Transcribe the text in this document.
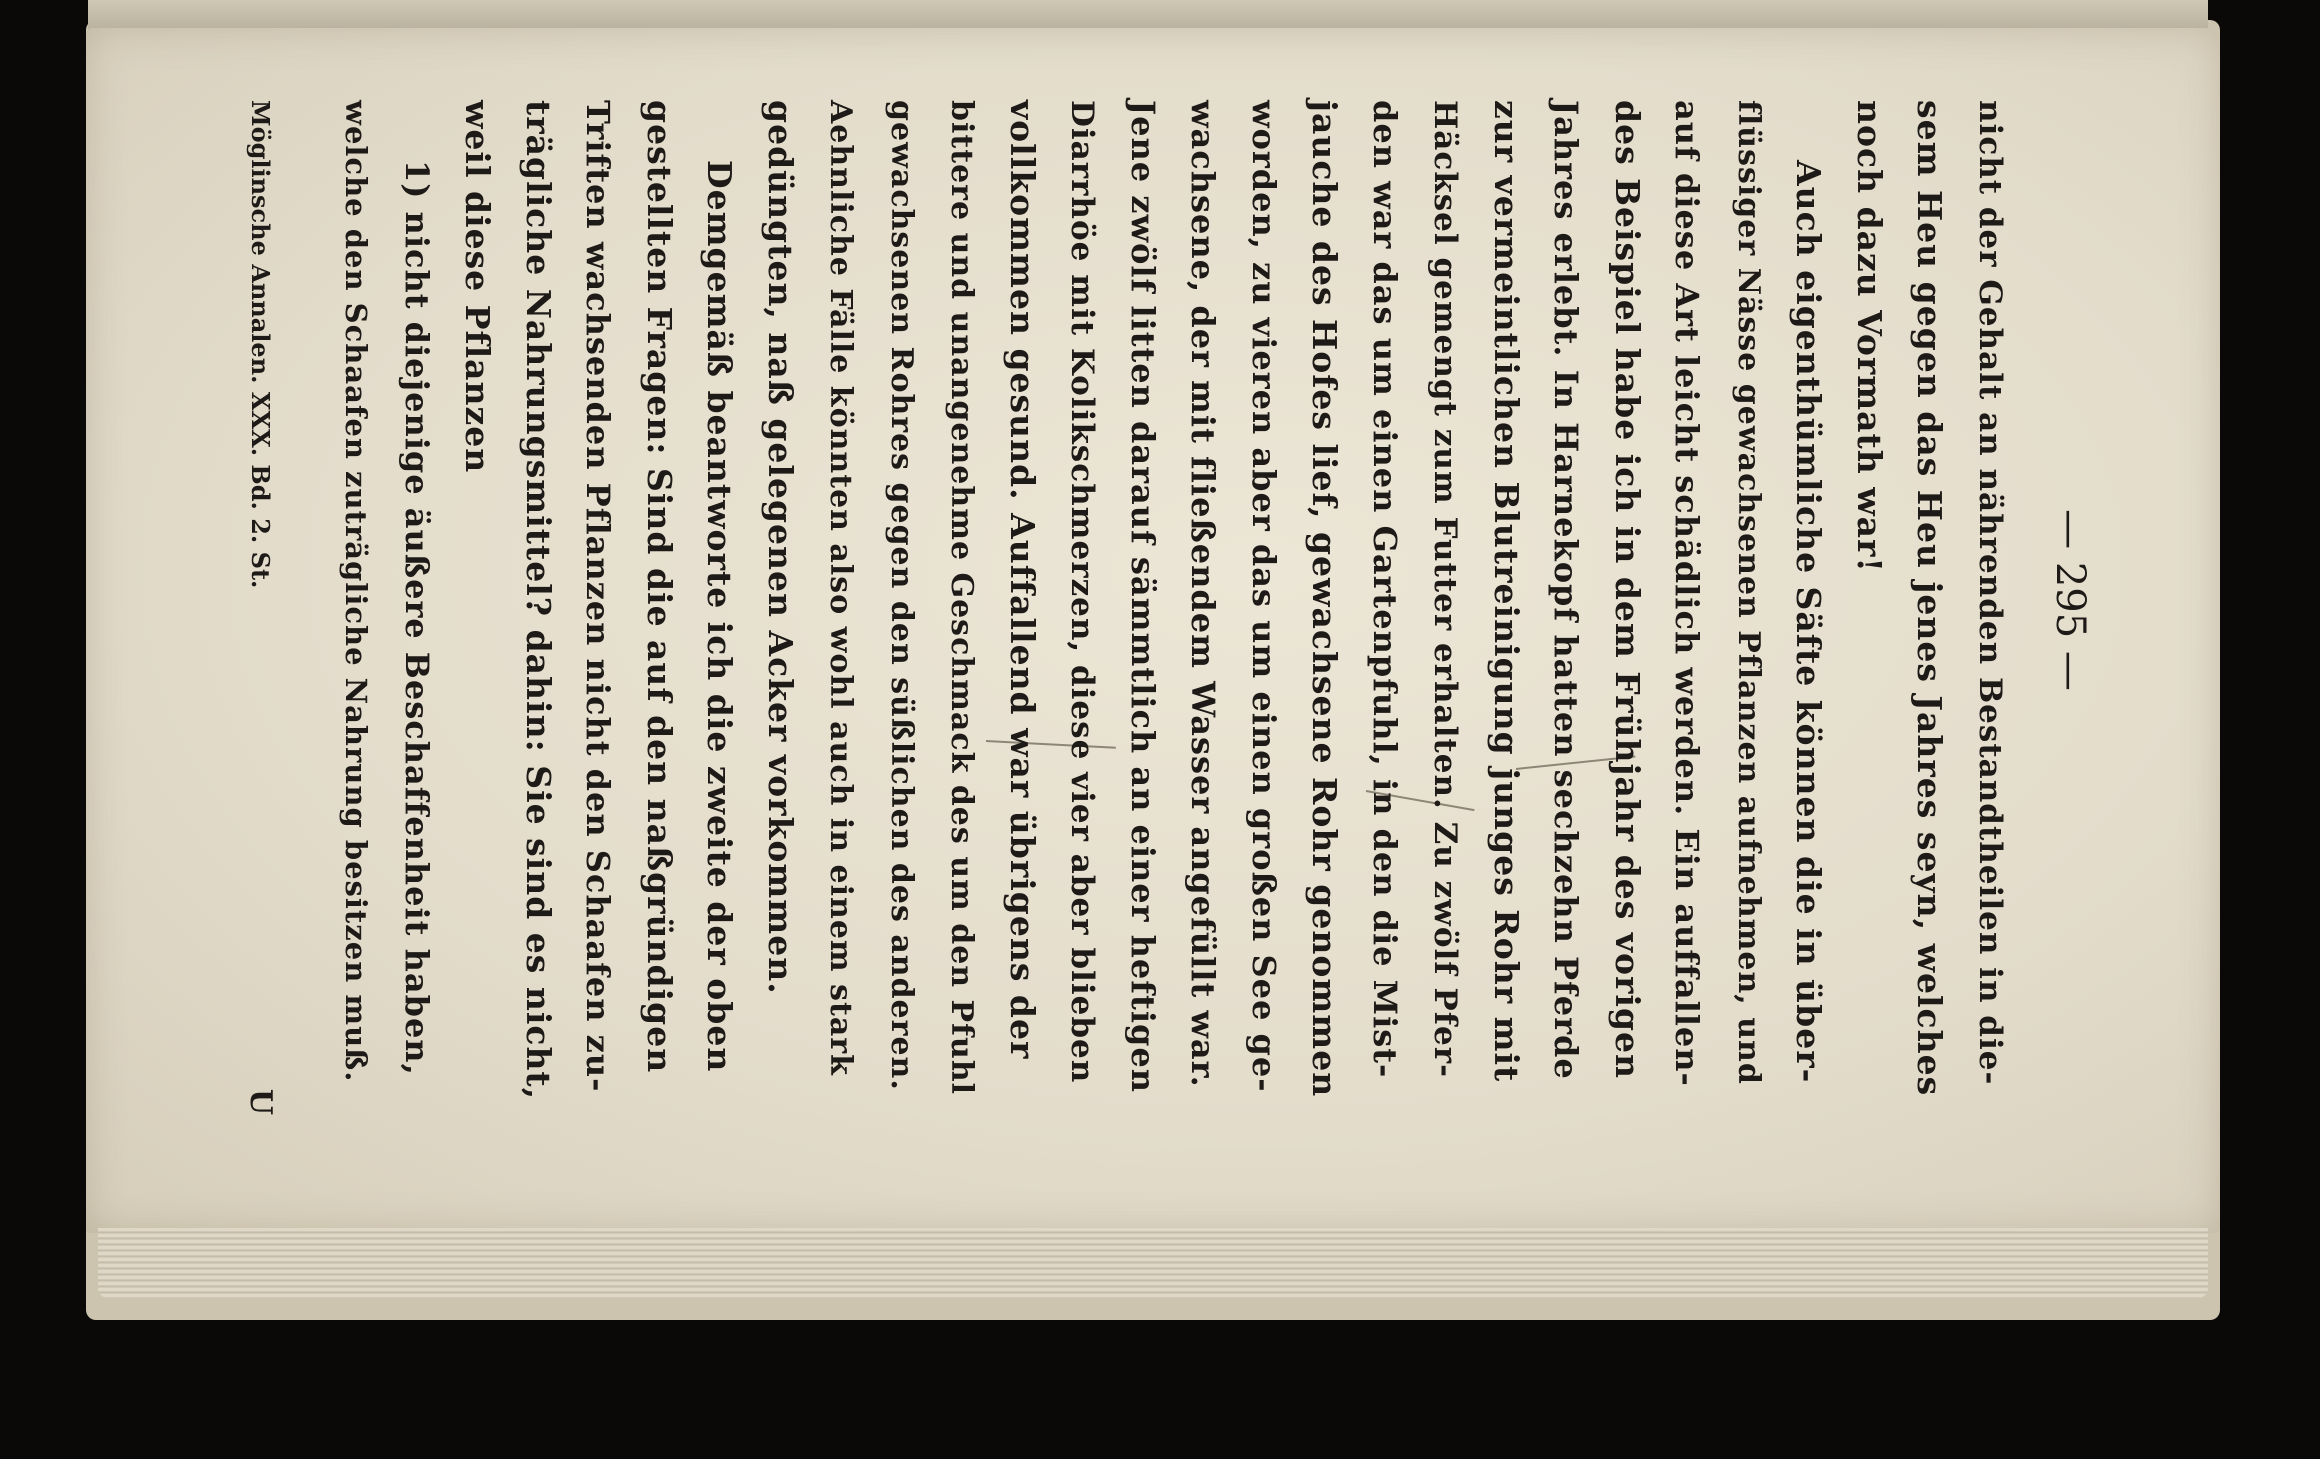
— 295 —
nicht der Gehalt an nährenden Bestandtheilen in die-
sem Heu gegen das Heu jenes Jahres seyn, welches
noch dazu Vormath war!
Auch eigenthümliche Säfte können die in über-
flüssiger Nässe gewachsenen Pflanzen aufnehmen, und
auf diese Art leicht schädlich werden. Ein auffallen-
des Beispiel habe ich in dem Frühjahr des vorigen
Jahres erlebt. In Harnekopf hatten sechzehn Pferde
zur vermeintlichen Blutreinigung junges Rohr mit
Häcksel gemengt zum Futter erhalten. Zu zwölf Pfer-
den war das um einen Gartenpfuhl, in den die Mist-
jauche des Hofes lief, gewachsene Rohr genommen
worden, zu vieren aber das um einen großen See ge-
wachsene, der mit fließendem Wasser angefüllt war.
Jene zwölf litten darauf sämmtlich an einer heftigen
Diarrhöe mit Kolikschmerzen, diese vier aber blieben
vollkommen gesund. Auffallend war übrigens der
bittere und unangenehme Geschmack des um den Pfuhl
gewachsenen Rohres gegen den süßlichen des anderen.
Aehnliche Fälle könnten also wohl auch in einem stark
gedüngten, naß gelegenen Acker vorkommen.
Demgemäß beantworte ich die zweite der oben
gestellten Fragen: Sind die auf den naßgründigen
Triften wachsenden Pflanzen nicht den Schaafen zu-
trägliche Nahrungsmittel? dahin: Sie sind es nicht,
weil diese Pflanzen
1) nicht diejenige äußere Beschaffenheit haben,
welche den Schaafen zuträgliche Nahrung besitzen muß.
Möglinsche Annalen. XXX. Bd. 2. St.
U
